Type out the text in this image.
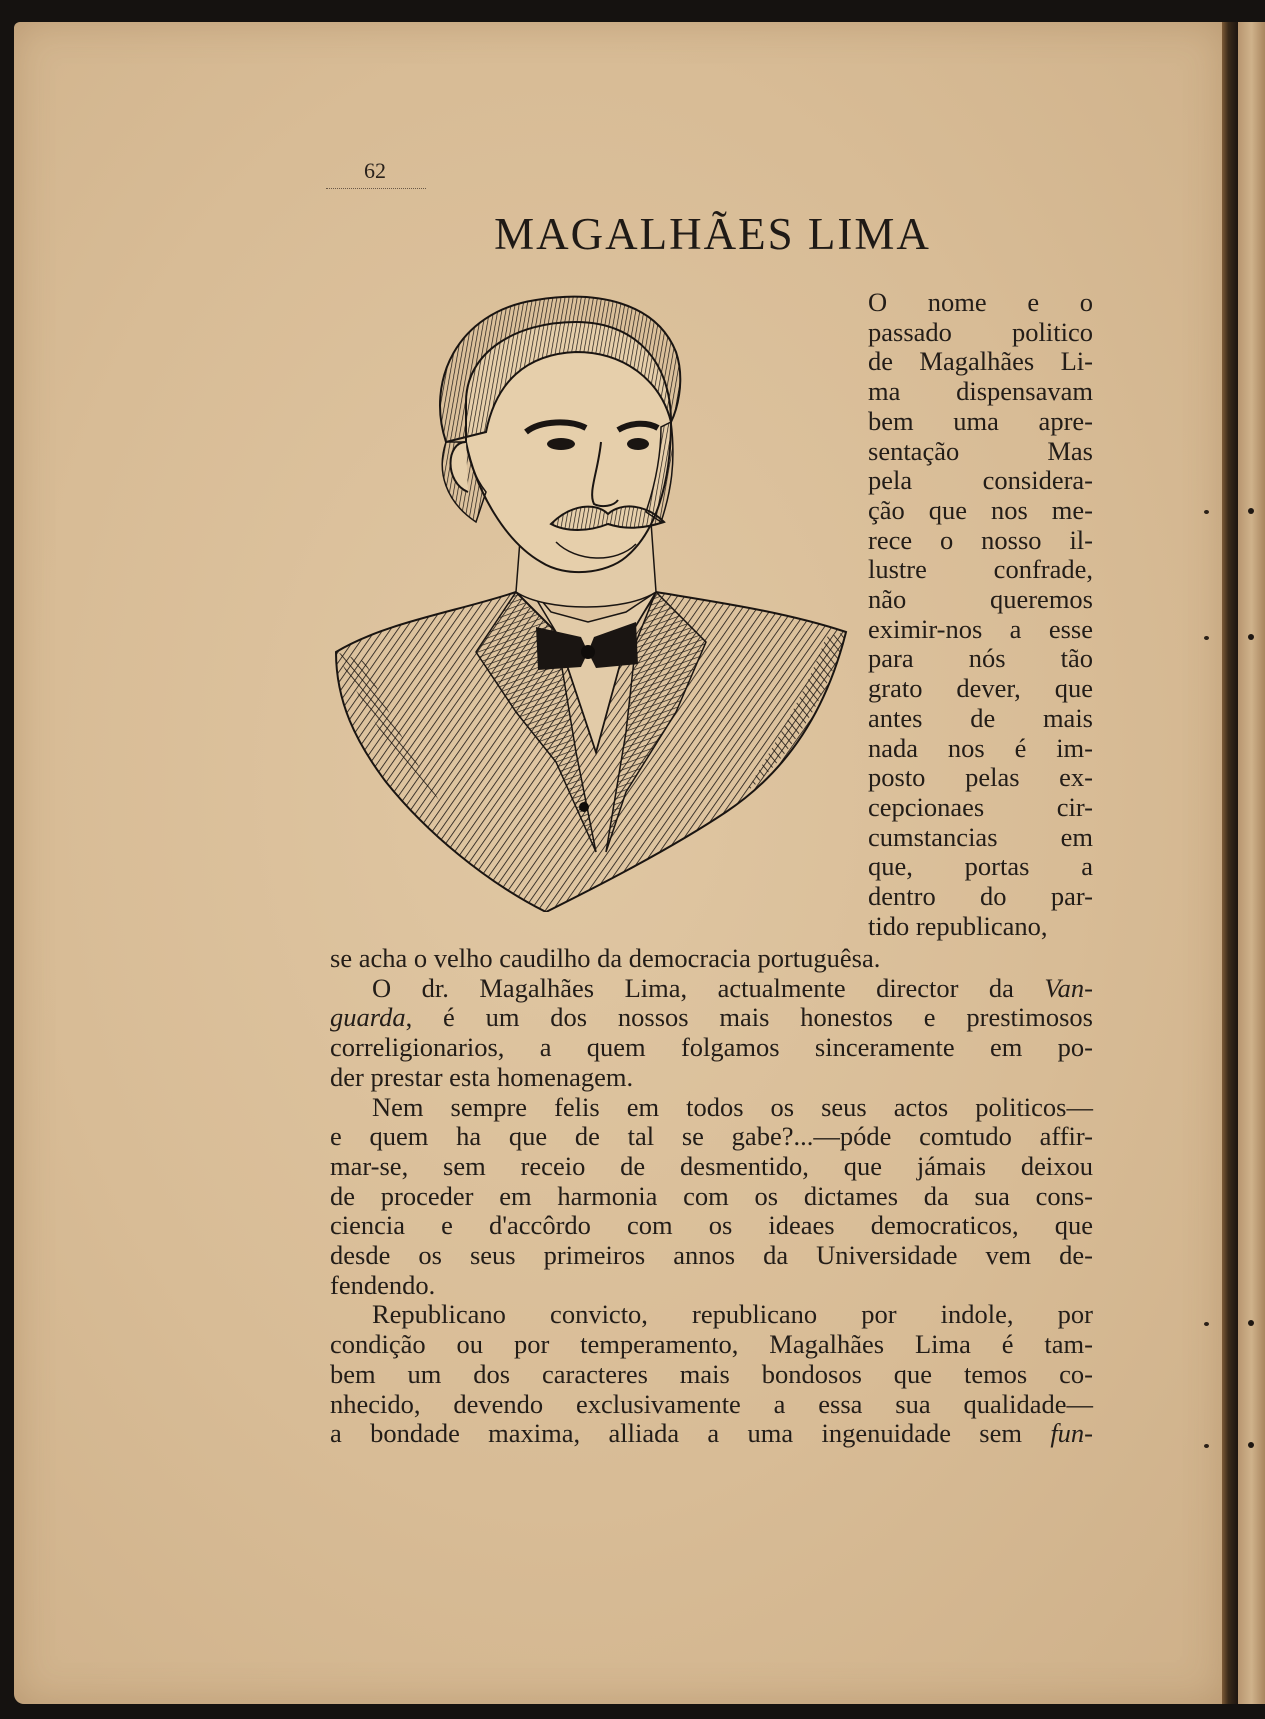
62
MAGALHÃES LIMA

O nome e o
passado politico
de Magalhães Li-
ma dispensavam
bem uma apre-
sentação Mas
pela considera-
ção que nos me-
rece o nosso il-
lustre confrade,
não queremos
eximir-nos a esse
para nós tão
grato dever, que
antes de mais
nada nos é im-
posto pelas ex-
cepcionaes cir-
cumstancias em
que, portas a
dentro do par-
tido republicano,

se acha o velho caudilho da democracia portuguêsa.
O dr. Magalhães Lima, actualmente director da Van-
guarda, é um dos nossos mais honestos e prestimosos
correligionarios, a quem folgamos sinceramente em po-
der prestar esta homenagem.
Nem sempre felis em todos os seus actos politicos—
e quem ha que de tal se gabe?...—póde comtudo affir-
mar-se, sem receio de desmentido, que jámais deixou
de proceder em harmonia com os dictames da sua cons-
ciencia e d'accôrdo com os ideaes democraticos, que
desde os seus primeiros annos da Universidade vem de-
fendendo.
Republicano convicto, republicano por indole, por
condição ou por temperamento, Magalhães Lima é tam-
bem um dos caracteres mais bondosos que temos co-
nhecido, devendo exclusivamente a essa sua qualidade—
a bondade maxima, alliada a uma ingenuidade sem fun-
